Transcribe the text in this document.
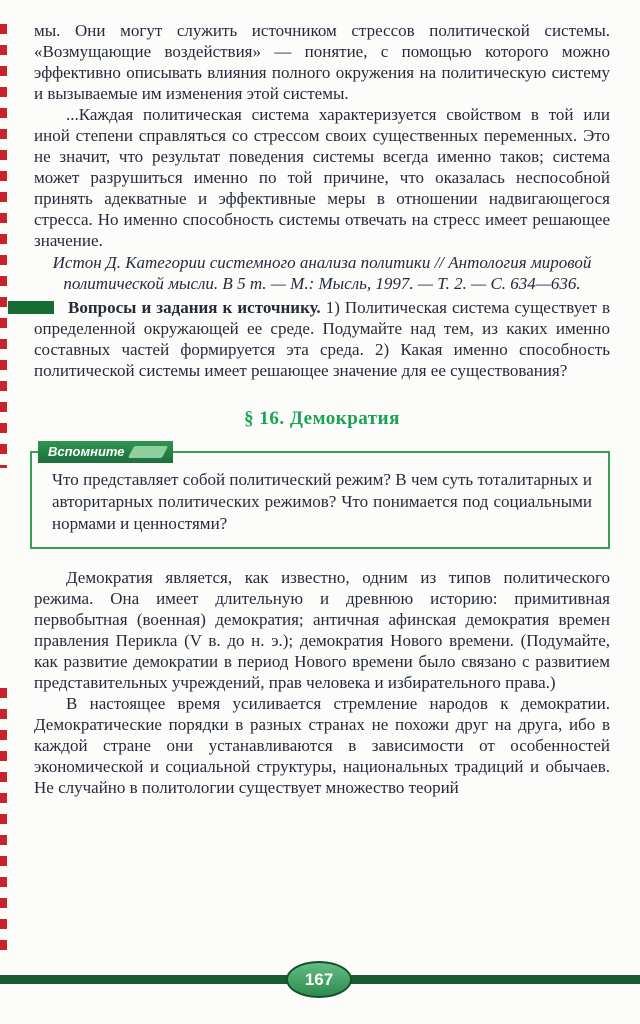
мы. Они могут служить источником стрессов политической системы. «Возмущающие воздействия» — понятие, с помощью которого можно эффективно описывать влияния полного окружения на политическую систему и вызываемые им изменения этой системы.

...Каждая политическая система характеризуется свойством в той или иной степени справляться со стрессом своих существенных переменных. Это не значит, что результат поведения системы всегда именно таков; система может разрушиться именно по той причине, что оказалась неспособной принять адекватные и эффективные меры в отношении надвигающегося стресса. Но именно способность системы отвечать на стресс имеет решающее значение.

Истон Д. Категории системного анализа политики // Антология мировой политической мысли. В 5 т. — М.: Мысль, 1997. — Т. 2. — С. 634—636.

Вопросы и задания к источнику. 1) Политическая система существует в определенной окружающей ее среде. Подумайте над тем, из каких именно составных частей формируется эта среда. 2) Какая именно способность политической системы имеет решающее значение для ее существования?

§ 16. Демократия
Вспомните

Что представляет собой политический режим? В чем суть тоталитарных и авторитарных политических режимов? Что понимается под социальными нормами и ценностями?

Демократия является, как известно, одним из типов политического режима. Она имеет длительную и древнюю историю: примитивная первобытная (военная) демократия; античная афинская демократия времен правления Перикла (V в. до н. э.); демократия Нового времени. (Подумайте, как развитие демократии в период Нового времени было связано с развитием представительных учреждений, прав человека и избирательного права.)

В настоящее время усиливается стремление народов к демократии. Демократические порядки в разных странах не похожи друг на друга, ибо в каждой стране они устанавливаются в зависимости от особенностей экономической и социальной структуры, национальных традиций и обычаев. Не случайно в политологии существует множество теорий

167
